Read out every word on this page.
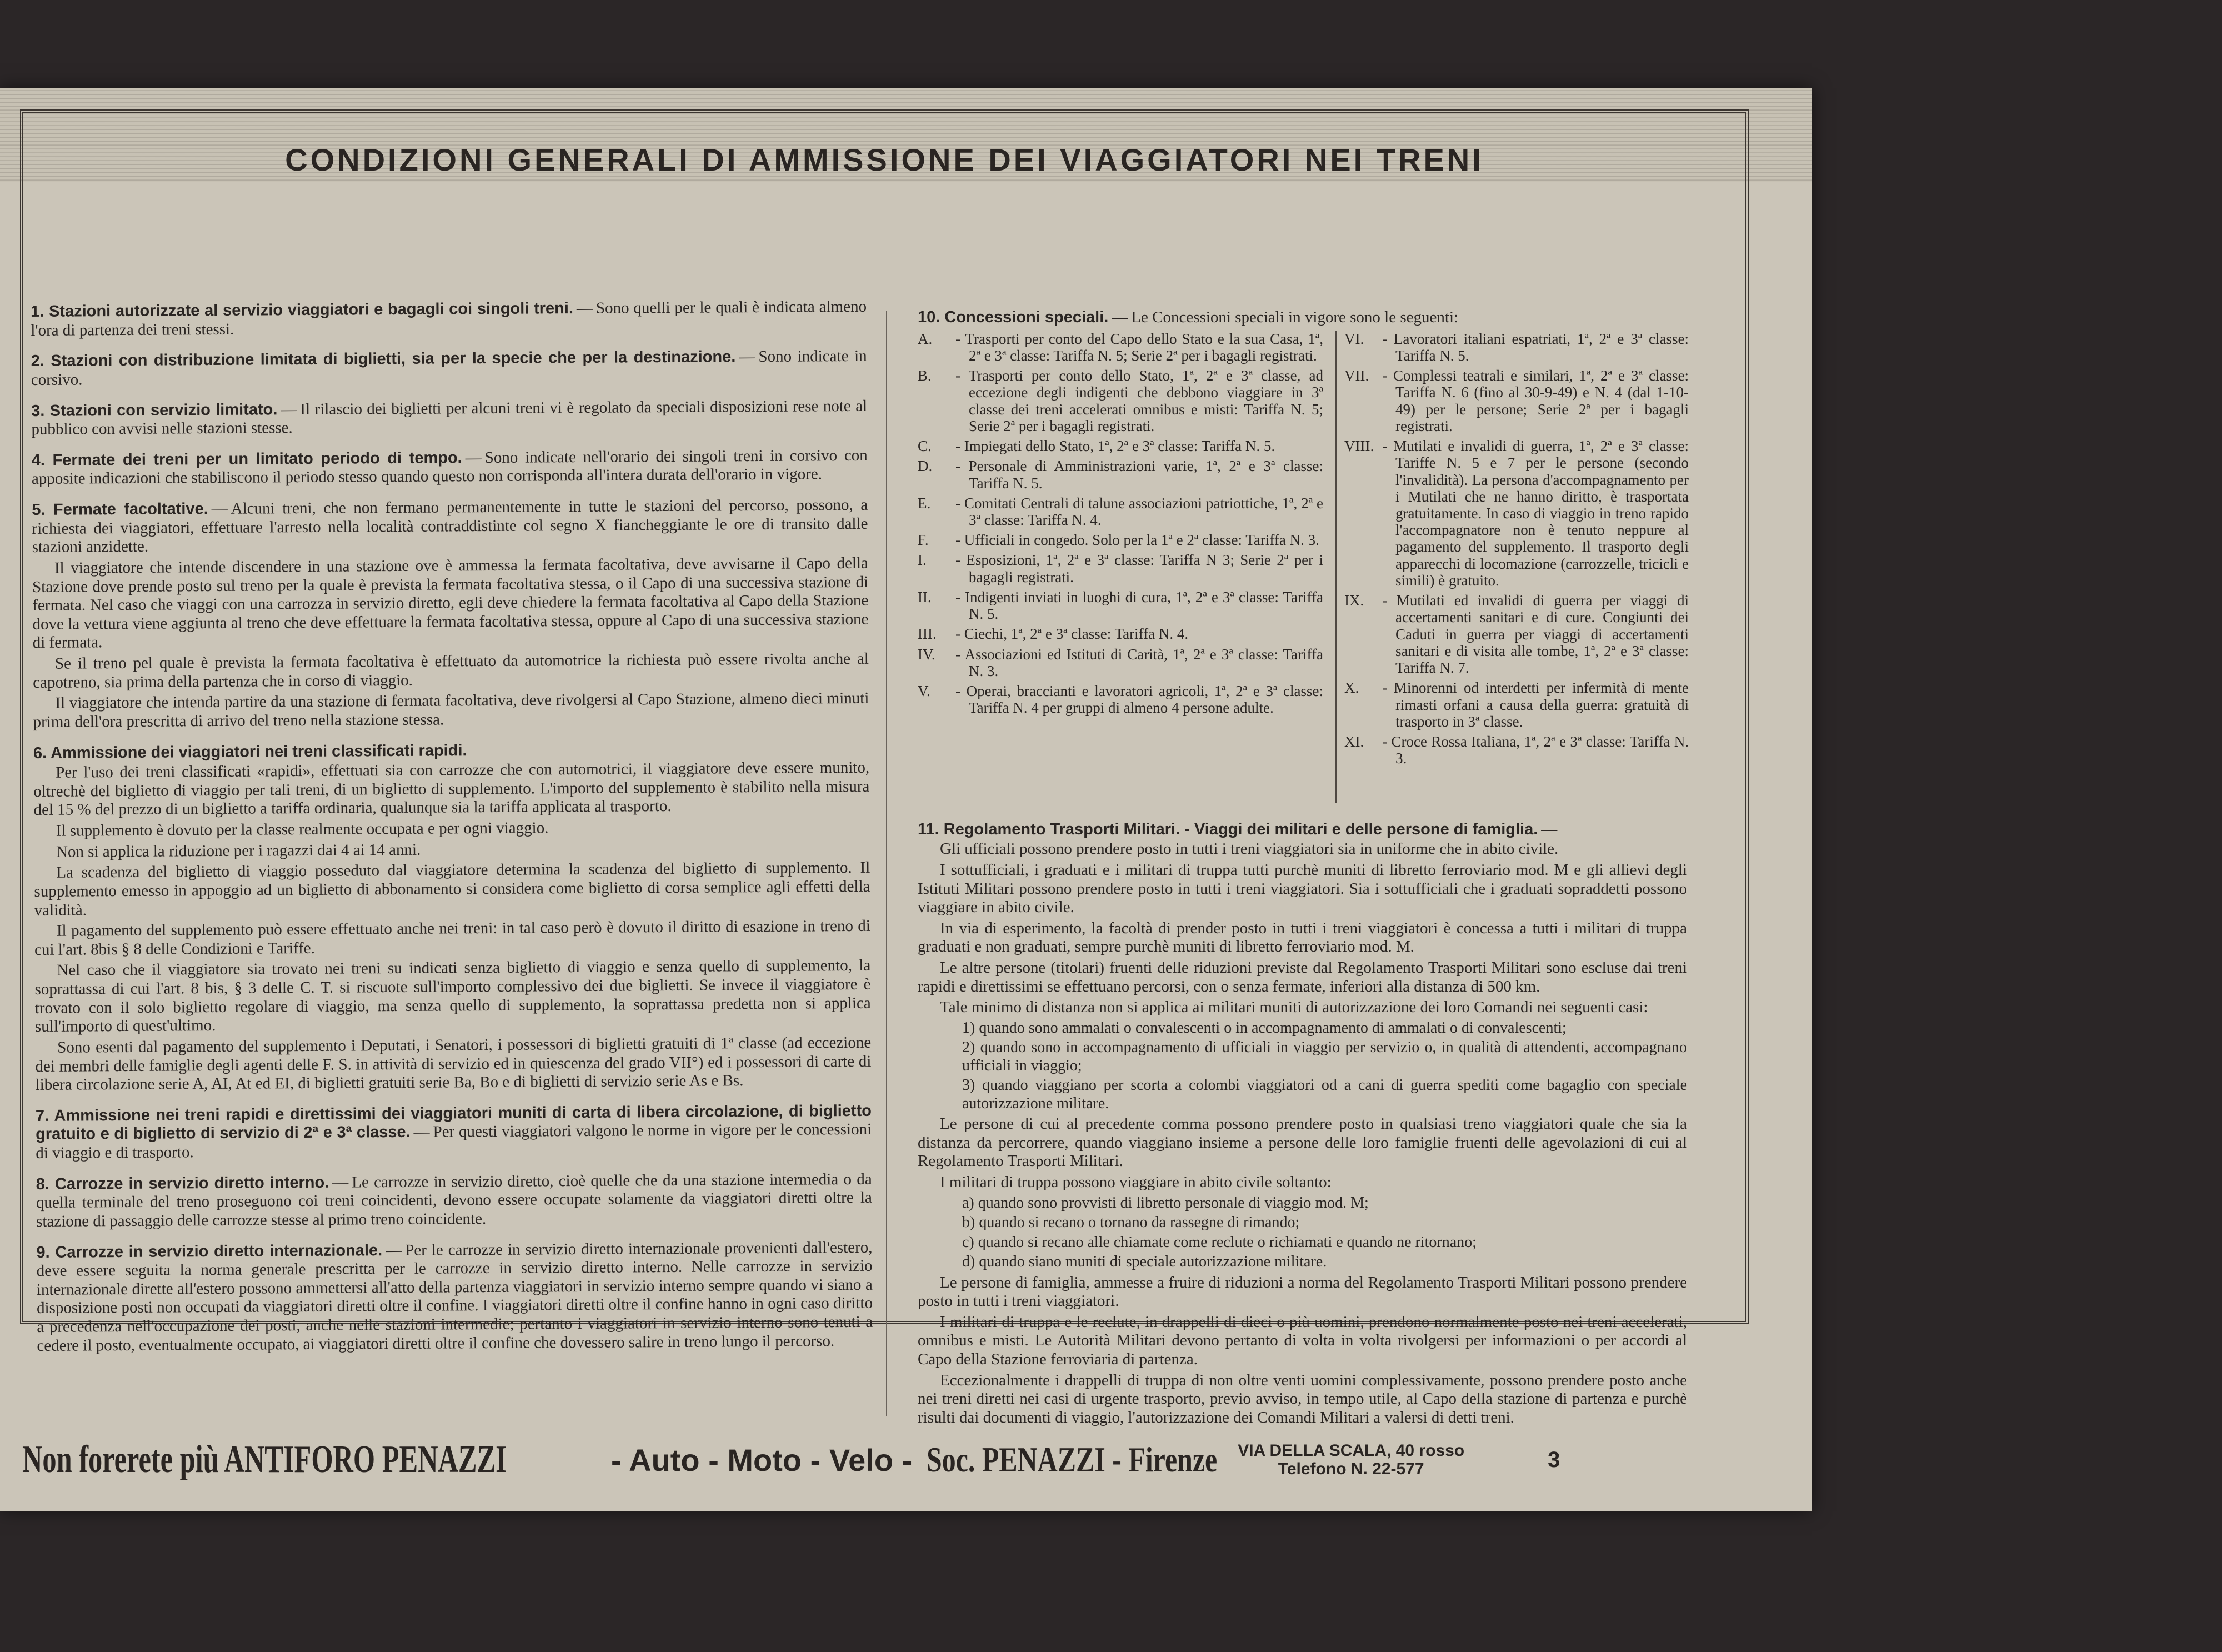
CONDIZIONI GENERALI DI AMMISSIONE DEI VIAGGIATORI NEI TRENI

1. Stazioni autorizzate al servizio viaggiatori e bagagli coi singoli treni. — Sono quelli per le quali è indicata almeno l'ora di partenza dei treni stessi.

2. Stazioni con distribuzione limitata di biglietti, sia per la specie che per la destinazione. — Sono indicate in corsivo.

3. Stazioni con servizio limitato. — Il rilascio dei biglietti per alcuni treni vi è regolato da speciali disposizioni rese note al pubblico con avvisi nelle stazioni stesse.

4. Fermate dei treni per un limitato periodo di tempo. — Sono indicate nell'orario dei singoli treni in corsivo con apposite indicazioni che stabiliscono il periodo stesso quando questo non corrisponda all'intera durata dell'orario in vigore.

5. Fermate facoltative. — Alcuni treni, che non fermano permanentemente in tutte le stazioni del percorso, possono, a richiesta dei viaggiatori, effettuare l'arresto nella località contraddistinte col segno X fiancheggiante le ore di transito dalle stazioni anzidette.

Il viaggiatore che intende discendere in una stazione ove è ammessa la fermata facoltativa, deve avvisarne il Capo della Stazione dove prende posto sul treno per la quale è prevista la fermata facoltativa stessa, o il Capo di una successiva stazione di fermata. Nel caso che viaggi con una carrozza in servizio diretto, egli deve chiedere la fermata facoltativa al Capo della Stazione dove la vettura viene aggiunta al treno che deve effettuare la fermata facoltativa stessa, oppure al Capo di una successiva stazione di fermata.

Se il treno pel quale è prevista la fermata facoltativa è effettuato da automotrice la richiesta può essere rivolta anche al capotreno, sia prima della partenza che in corso di viaggio.

Il viaggiatore che intenda partire da una stazione di fermata facoltativa, deve rivolgersi al Capo Stazione, almeno dieci minuti prima dell'ora prescritta di arrivo del treno nella stazione stessa.

6. Ammissione dei viaggiatori nei treni classificati rapidi.

Per l'uso dei treni classificati «rapidi», effettuati sia con carrozze che con automotrici, il viaggiatore deve essere munito, oltrechè del biglietto di viaggio per tali treni, di un biglietto di supplemento. L'importo del supplemento è stabilito nella misura del 15 % del prezzo di un biglietto a tariffa ordinaria, qualunque sia la tariffa applicata al trasporto.

Il supplemento è dovuto per la classe realmente occupata e per ogni viaggio.

Non si applica la riduzione per i ragazzi dai 4 ai 14 anni.

La scadenza del biglietto di viaggio posseduto dal viaggiatore determina la scadenza del biglietto di supplemento. Il supplemento emesso in appoggio ad un biglietto di abbonamento si considera come biglietto di corsa semplice agli effetti della validità.

Il pagamento del supplemento può essere effettuato anche nei treni: in tal caso però è dovuto il diritto di esazione in treno di cui l'art. 8bis § 8 delle Condizioni e Tariffe.

Nel caso che il viaggiatore sia trovato nei treni su indicati senza biglietto di viaggio e senza quello di supplemento, la soprattassa di cui l'art. 8 bis, § 3 delle C. T. si riscuote sull'importo complessivo dei due biglietti. Se invece il viaggiatore è trovato con il solo biglietto regolare di viaggio, ma senza quello di supplemento, la soprattassa predetta non si applica sull'importo di quest'ultimo.

Sono esenti dal pagamento del supplemento i Deputati, i Senatori, i possessori di biglietti gratuiti di 1ª classe (ad eccezione dei membri delle famiglie degli agenti delle F. S. in attività di servizio ed in quiescenza del grado VII°) ed i possessori di carte di libera circolazione serie A, AI, At ed EI, di biglietti gratuiti serie Ba, Bo e di biglietti di servizio serie As e Bs.

7. Ammissione nei treni rapidi e direttissimi dei viaggiatori muniti di carta di libera circolazione, di biglietto gratuito e di biglietto di servizio di 2ª e 3ª classe. — Per questi viaggiatori valgono le norme in vigore per le concessioni di viaggio e di trasporto.

8. Carrozze in servizio diretto interno. — Le carrozze in servizio diretto, cioè quelle che da una stazione intermedia o da quella terminale del treno proseguono coi treni coincidenti, devono essere occupate solamente da viaggiatori diretti oltre la stazione di passaggio delle carrozze stesse al primo treno coincidente.

9. Carrozze in servizio diretto internazionale. — Per le carrozze in servizio diretto internazionale provenienti dall'estero, deve essere seguita la norma generale prescritta per le carrozze in servizio diretto interno. Nelle carrozze in servizio internazionale dirette all'estero possono ammettersi all'atto della partenza viaggiatori in servizio interno sempre quando vi siano a disposizione posti non occupati da viaggiatori diretti oltre il confine. I viaggiatori diretti oltre il confine hanno in ogni caso diritto a precedenza nell'occupazione dei posti, anche nelle stazioni intermedie; pertanto i viaggiatori in servizio interno sono tenuti a cedere il posto, eventualmente occupato, ai viaggiatori diretti oltre il confine che dovessero salire in treno lungo il percorso.

10. Concessioni speciali. — Le Concessioni speciali in vigore sono le seguenti:

A.	- Trasporti per conto del Capo dello Stato e la sua Casa, 1ª, 2ª e 3ª classe: Tariffa N. 5; Serie 2ª per i bagagli registrati.
B.	- Trasporti per conto dello Stato, 1ª, 2ª e 3ª classe, ad eccezione degli indigenti che debbono viaggiare in 3ª classe dei treni accelerati omnibus e misti: Tariffa N. 5; Serie 2ª per i bagagli registrati.
C.	- Impiegati dello Stato, 1ª, 2ª e 3ª classe: Tariffa N. 5.
D.	- Personale di Amministrazioni varie, 1ª, 2ª e 3ª classe: Tariffa N. 5.
E.	- Comitati Centrali di talune associazioni patriottiche, 1ª, 2ª e 3ª classe: Tariffa N. 4.
F.	- Ufficiali in congedo. Solo per la 1ª e 2ª classe: Tariffa N. 3.
I.	- Esposizioni, 1ª, 2ª e 3ª classe: Tariffa N 3; Serie 2ª per i bagagli registrati.
II.	- Indigenti inviati in luoghi di cura, 1ª, 2ª e 3ª classe: Tariffa N. 5.
III.	- Ciechi, 1ª, 2ª e 3ª classe: Tariffa N. 4.
IV.	- Associazioni ed Istituti di Carità, 1ª, 2ª e 3ª classe: Tariffa N. 3.
V.	- Operai, braccianti e lavoratori agricoli, 1ª, 2ª e 3ª classe: Tariffa N. 4 per gruppi di almeno 4 persone adulte.
VI.	- Lavoratori italiani espatriati, 1ª, 2ª e 3ª classe: Tariffa N. 5.
VII. - Complessi teatrali e similari, 1ª, 2ª e 3ª classe: Tariffa N. 6 (fino al 30-9-49) e N. 4 (dal 1-10-49) per le persone; Serie 2ª per i bagagli registrati.
VIII. - Mutilati e invalidi di guerra, 1ª, 2ª e 3ª classe: Tariffe N. 5 e 7 per le persone (secondo l'invalidità). La persona d'accompagnamento per i Mutilati che ne hanno diritto, è trasportata gratuitamente. In caso di viaggio in treno rapido l'accompagnatore non è tenuto neppure al pagamento del supplemento. Il trasporto degli apparecchi di locomazione (carrozzelle, tricicli e simili) è gratuito.
IX.	- Mutilati ed invalidi di guerra per viaggi di accertamenti sanitari e di cure. Congiunti dei Caduti in guerra per viaggi di accertamenti sanitari e di visita alle tombe, 1ª, 2ª e 3ª classe: Tariffa N. 7.
X.	- Minorenni od interdetti per infermità di mente rimasti orfani a causa della guerra: gratuità di trasporto in 3ª classe.
XI.	- Croce Rossa Italiana, 1ª, 2ª e 3ª classe: Tariffa N. 3.
11. Regolamento Trasporti Militari. - Viaggi dei militari e delle persone di famiglia. —

Gli ufficiali possono prendere posto in tutti i treni viaggiatori sia in uniforme che in abito civile.

I sottufficiali, i graduati e i militari di truppa tutti purchè muniti di libretto ferroviario mod. M e gli allievi degli Istituti Militari possono prendere posto in tutti i treni viaggiatori. Sia i sottufficiali che i graduati sopraddetti possono viaggiare in abito civile.

In via di esperimento, la facoltà di prender posto in tutti i treni viaggiatori è concessa a tutti i militari di truppa graduati e non graduati, sempre purchè muniti di libretto ferroviario mod. M.

Le altre persone (titolari) fruenti delle riduzioni previste dal Regolamento Trasporti Militari sono escluse dai treni rapidi e direttissimi se effettuano percorsi, con o senza fermate, inferiori alla distanza di 500 km.

Tale minimo di distanza non si applica ai militari muniti di autorizzazione dei loro Comandi nei seguenti casi:

1) quando sono ammalati o convalescenti o in accompagnamento di ammalati o di convalescenti;
2) quando sono in accompagnamento di ufficiali in viaggio per servizio o, in qualità di attendenti, accompagnano ufficiali in viaggio;
3) quando viaggiano per scorta a colombi viaggiatori od a cani di guerra spediti come bagaglio con speciale autorizzazione militare.

Le persone di cui al precedente comma possono prendere posto in qualsiasi treno viaggiatori quale che sia la distanza da percorrere, quando viaggiano insieme a persone delle loro famiglie fruenti delle agevolazioni di cui al Regolamento Trasporti Militari.

I militari di truppa possono viaggiare in abito civile soltanto:

a) quando sono provvisti di libretto personale di viaggio mod. M;
b) quando si recano o tornano da rassegne di rimando;
c) quando si recano alle chiamate come reclute o richiamati e quando ne ritornano;
d) quando siano muniti di speciale autorizzazione militare.

Le persone di famiglia, ammesse a fruire di riduzioni a norma del Regolamento Trasporti Militari possono prendere posto in tutti i treni viaggiatori.

I militari di truppa e le reclute, in drappelli di dieci o più uomini, prendono normalmente posto nei treni accelerati, omnibus e misti. Le Autorità Militari devono pertanto di volta in volta rivolgersi per informazioni o per accordi al Capo della Stazione ferroviaria di partenza.

Eccezionalmente i drappelli di truppa di non oltre venti uomini complessivamente, possono prendere posto anche nei treni diretti nei casi di urgente trasporto, previo avviso, in tempo utile, al Capo della stazione di partenza e purchè risulti dai documenti di viaggio, l'autorizzazione dei Comandi Militari a valersi di detti treni.

Non forerete più ANTIFORO PENAZZI	- Auto - Moto - Velo - Soc. PENAZZI - Firenze	VIA DELLA SCALA, 40 rosso
Telefono N. 22-577	3
